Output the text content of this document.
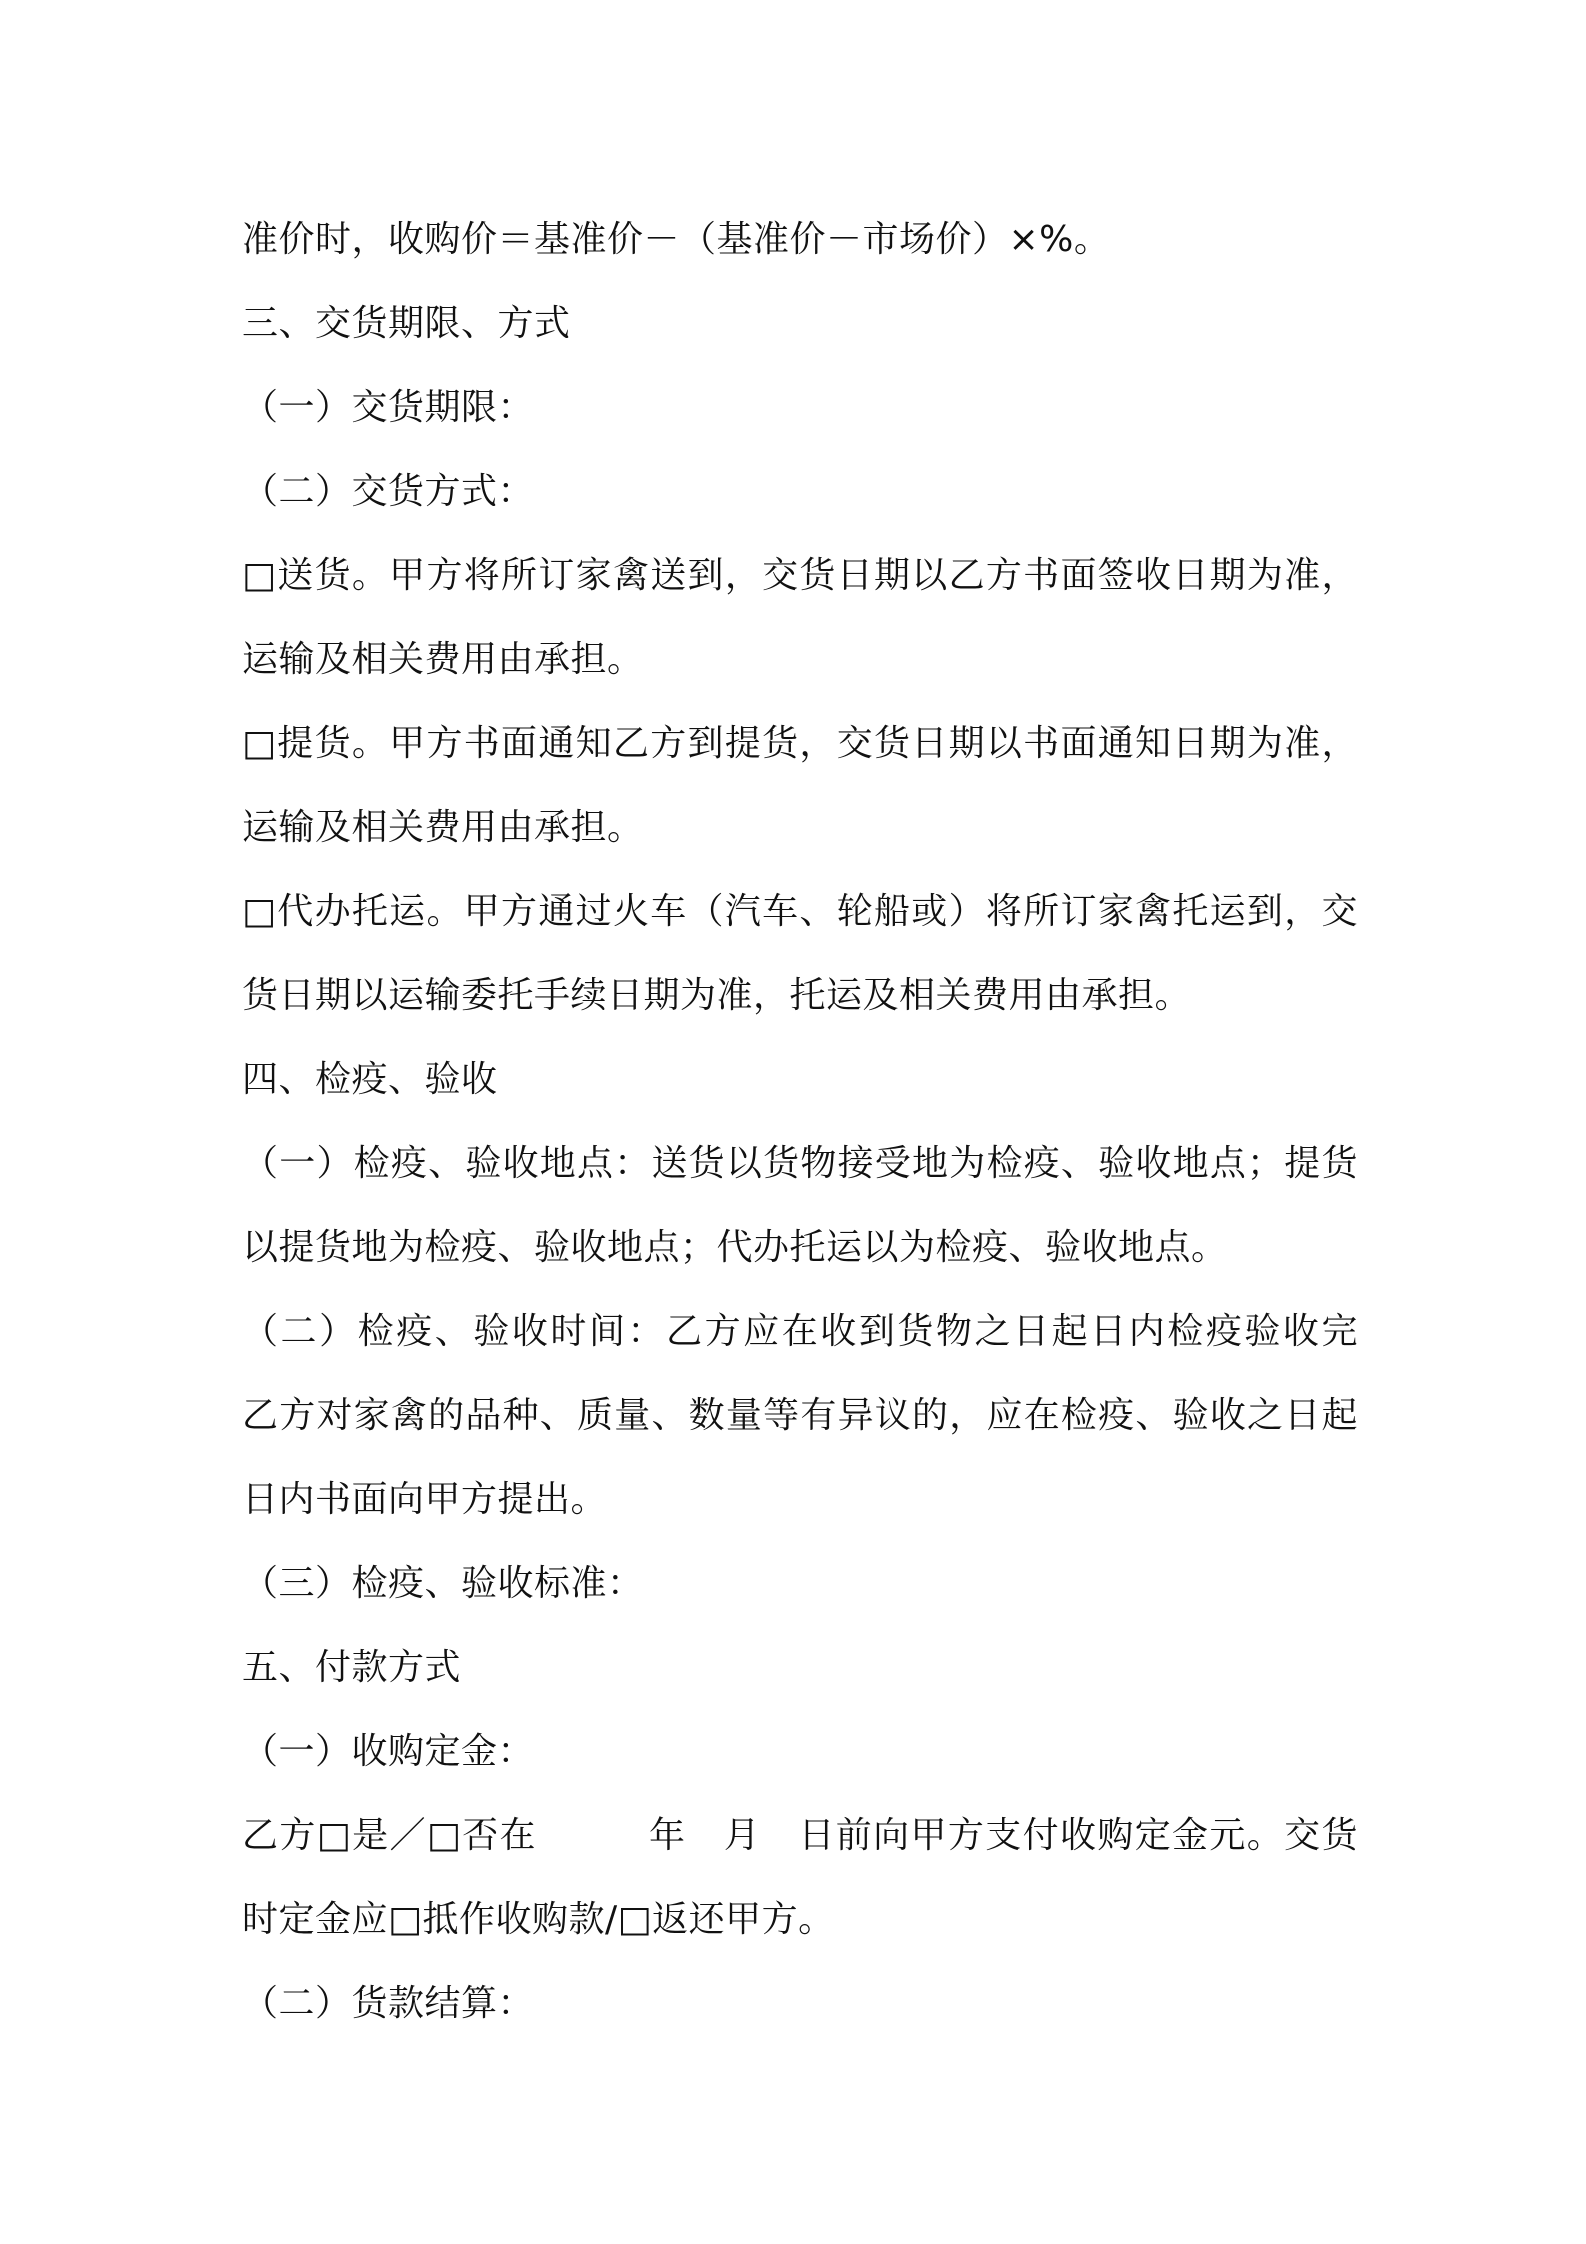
准价时，收购价＝基准价－（基准价－市场价）×%。

三、交货期限、方式

（一）交货期限：

（二）交货方式：

□送货。甲方将所订家禽送到，交货日期以乙方书面签收日期为准，

运输及相关费用由承担。

□提货。甲方书面通知乙方到提货，交货日期以书面通知日期为准，

运输及相关费用由承担。

□代办托运。甲方通过火车（汽车、轮船或）将所订家禽托运到，交

货日期以运输委托手续日期为准，托运及相关费用由承担。

四、检疫、验收

（一）检疫、验收地点：送货以货物接受地为检疫、验收地点；提货

以提货地为检疫、验收地点；代办托运以为检疫、验收地点。

（二）检疫、验收时间：乙方应在收到货物之日起日内检疫验收完

乙方对家禽的品种、质量、数量等有异议的，应在检疫、验收之日起

日内书面向甲方提出。

（三）检疫、验收标准：

五、付款方式

（一）收购定金：

乙方□是／□否在　　　年　月　日前向甲方支付收购定金元。交货

时定金应□抵作收购款/□返还甲方。

（二）货款结算：
